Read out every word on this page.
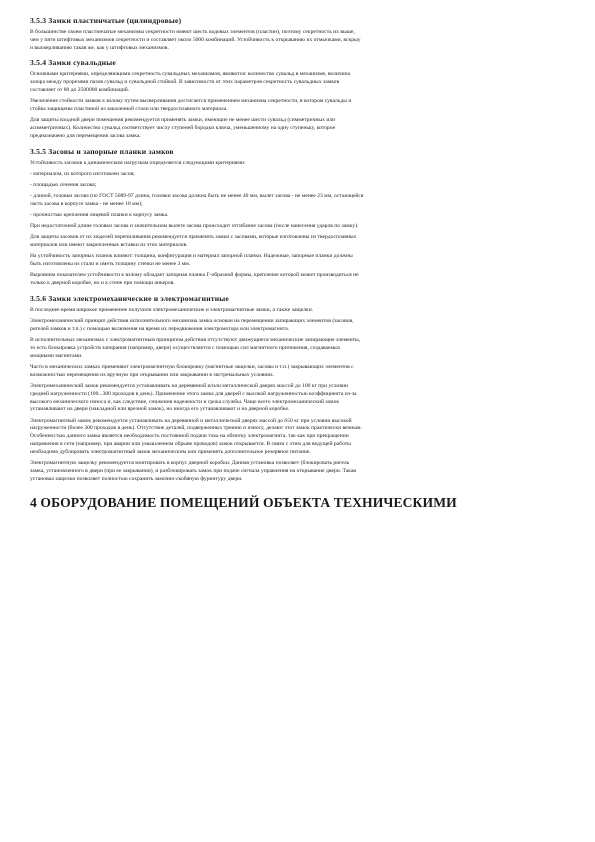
3.5.3 Замки пластинчатые (цилиндровые)
В большинстве своем пластинчатые механизмы секретности имеют шесть кодовых элементов (пластин), поэтому секретность их выше,
чем у пяти штифтовых механизмов секретности и составляет около 5000 комбинаций. Устойчивость к открыванию их отмычками, вскрыу
и высверливанию такая же, как у штифтовых механизмов.
3.5.4 Замки сувальдные
Основными критериями, определяющими секретность сувальдных механизмов, являются: количество сувальд в механизме, величина
зазора между прорезями пазов сувальд и сувальдной стойкой. В зависимости от этих параметров секретность сувальдных замков
составляет от 80 до 2500000 комбинаций.
Увеличение стойкости замков к взлому путем высверливания достигается применением механизма секретности, в котором сувальды и
стойка защищены пластиной из закаленной стали или твердосплавного материала.
Для защиты входной двери помещения рекомендуется применять замки, имеющие не менее шести сувальд (симметричных или
асимметричных). Количество сувальд соответствует числу ступеней бородки ключа, уменьшенному на одну ступеньку, которое
предназначено для перемещения засова замка.
3.5.5 Засовы и запорные планки замков
Устойчивость засовов к динамическим нагрузкам определяется следующими критериями:
- материалом, из которого изготовлен засов;
- площадью сечения засова;
- длиной, головки засова (по ГОСТ 5089-97 длина, головки засова должна быть не менее 40 мм, вылет засова - не менее 23 мм, остающейся
часть засова в корпусе замка - не менее 18 мм);
- прочностью крепления лицевой планки к корпусу замка.
При недостаточной длине головки засова и значительном вылете засова происходит отгибание засова (после нанесения ударов по замку).
Для защиты засовов от их моделей перепиливания рекомендуется применять замки с засовами, которые изготовлены из твердосплавных
материалов или имеют закрепленные вставки из этих материалов.
На устойчивость запорных планок влияют: толщина, конфигурация и материал запорной планки. Надежные, запорные планки должны
быть изготовлены из стали и иметь толщину стенки не менее 3 мм.
Выровним показателем устойчивости к взлому обладает запорная планка Г-образной формы, крепление которой может производиться не
только к дверной коробке, но и к стене при помощи анкеров.
3.5.6 Замки электромеханические и электромагнитные
В последнее время широкое применение получили электромеханические и электромагнитные замки, а также защелки.
Электромеханический принцип действия исполнительного механизма замка основан на перемещении запирающих элементов (засовов,
ригелей замков и т.п.) с помощью включения на время их передвижения электромотора или электромагнита.
В исполнительных механизмах с электромагнитным принципом действия отсутствуют движущиеся механические запирающие элементы,
то есть блокировка устройств запирания (например, двери) осуществляется с помощью сил магнитного притяжения, создаваемых
мощными магнитами.
Часто в механических замках применяют электромагнитную блокировку (магнитные защелки, засовы и т.п.) закрывающих элементов с
возможностью перемещения их вручную при открывании или закрывании в экстремальных условиях.
Электромеханический замок рекомендуется устанавливать на деревянной и/или металлической дверях массой до 100 кг при условии
средней нагруженности (100...300 проходов в день). Применение этого замка для дверей с высокой нагруженностью коэффициента из-за
высокого механического износа и, как следствие, снижения надежности и срока службы. Чаще всего электромеханический замок
устанавливают на двери (накладной или врезной замок), но иногда его устанавливают и на дверной коробке.
Электромагнитный замок рекомендуется устанавливать на деревянной и металлической дверях массой до 650 кг при условии высокой
нагруженности (более 300 проходов в день). Отсутствие деталей, подверженных трению и износу, делают этот замок практически вечным.
Особенностью данного замка является необходимость постоянной подачи тока на обмотку электромагнита, так как при прекращении
напряжения в сети (например, при аварии или умышленном обрыве проводов) замок открывается. В связи с этим для ведущей работы
необходимо дублировать электромагнитный замок механическим или применять дополнительное резервное питание.
Электромагнитную защелку рекомендуется монтировать в корпус дверной коробки. Данная установка позволяет (блокировать ригель
замка, установленного в двери (при ее закрывании), и разблокировать замок при подаче сигнала управления на открывание двери. Такая
установка защелки позволяет полностью сохранить замочно-скобяную фурнитуру двери.
4 ОБОРУДОВАНИЕ ПОМЕЩЕНИЙ ОБЪЕКТА ТЕХНИЧЕСКИМИ
